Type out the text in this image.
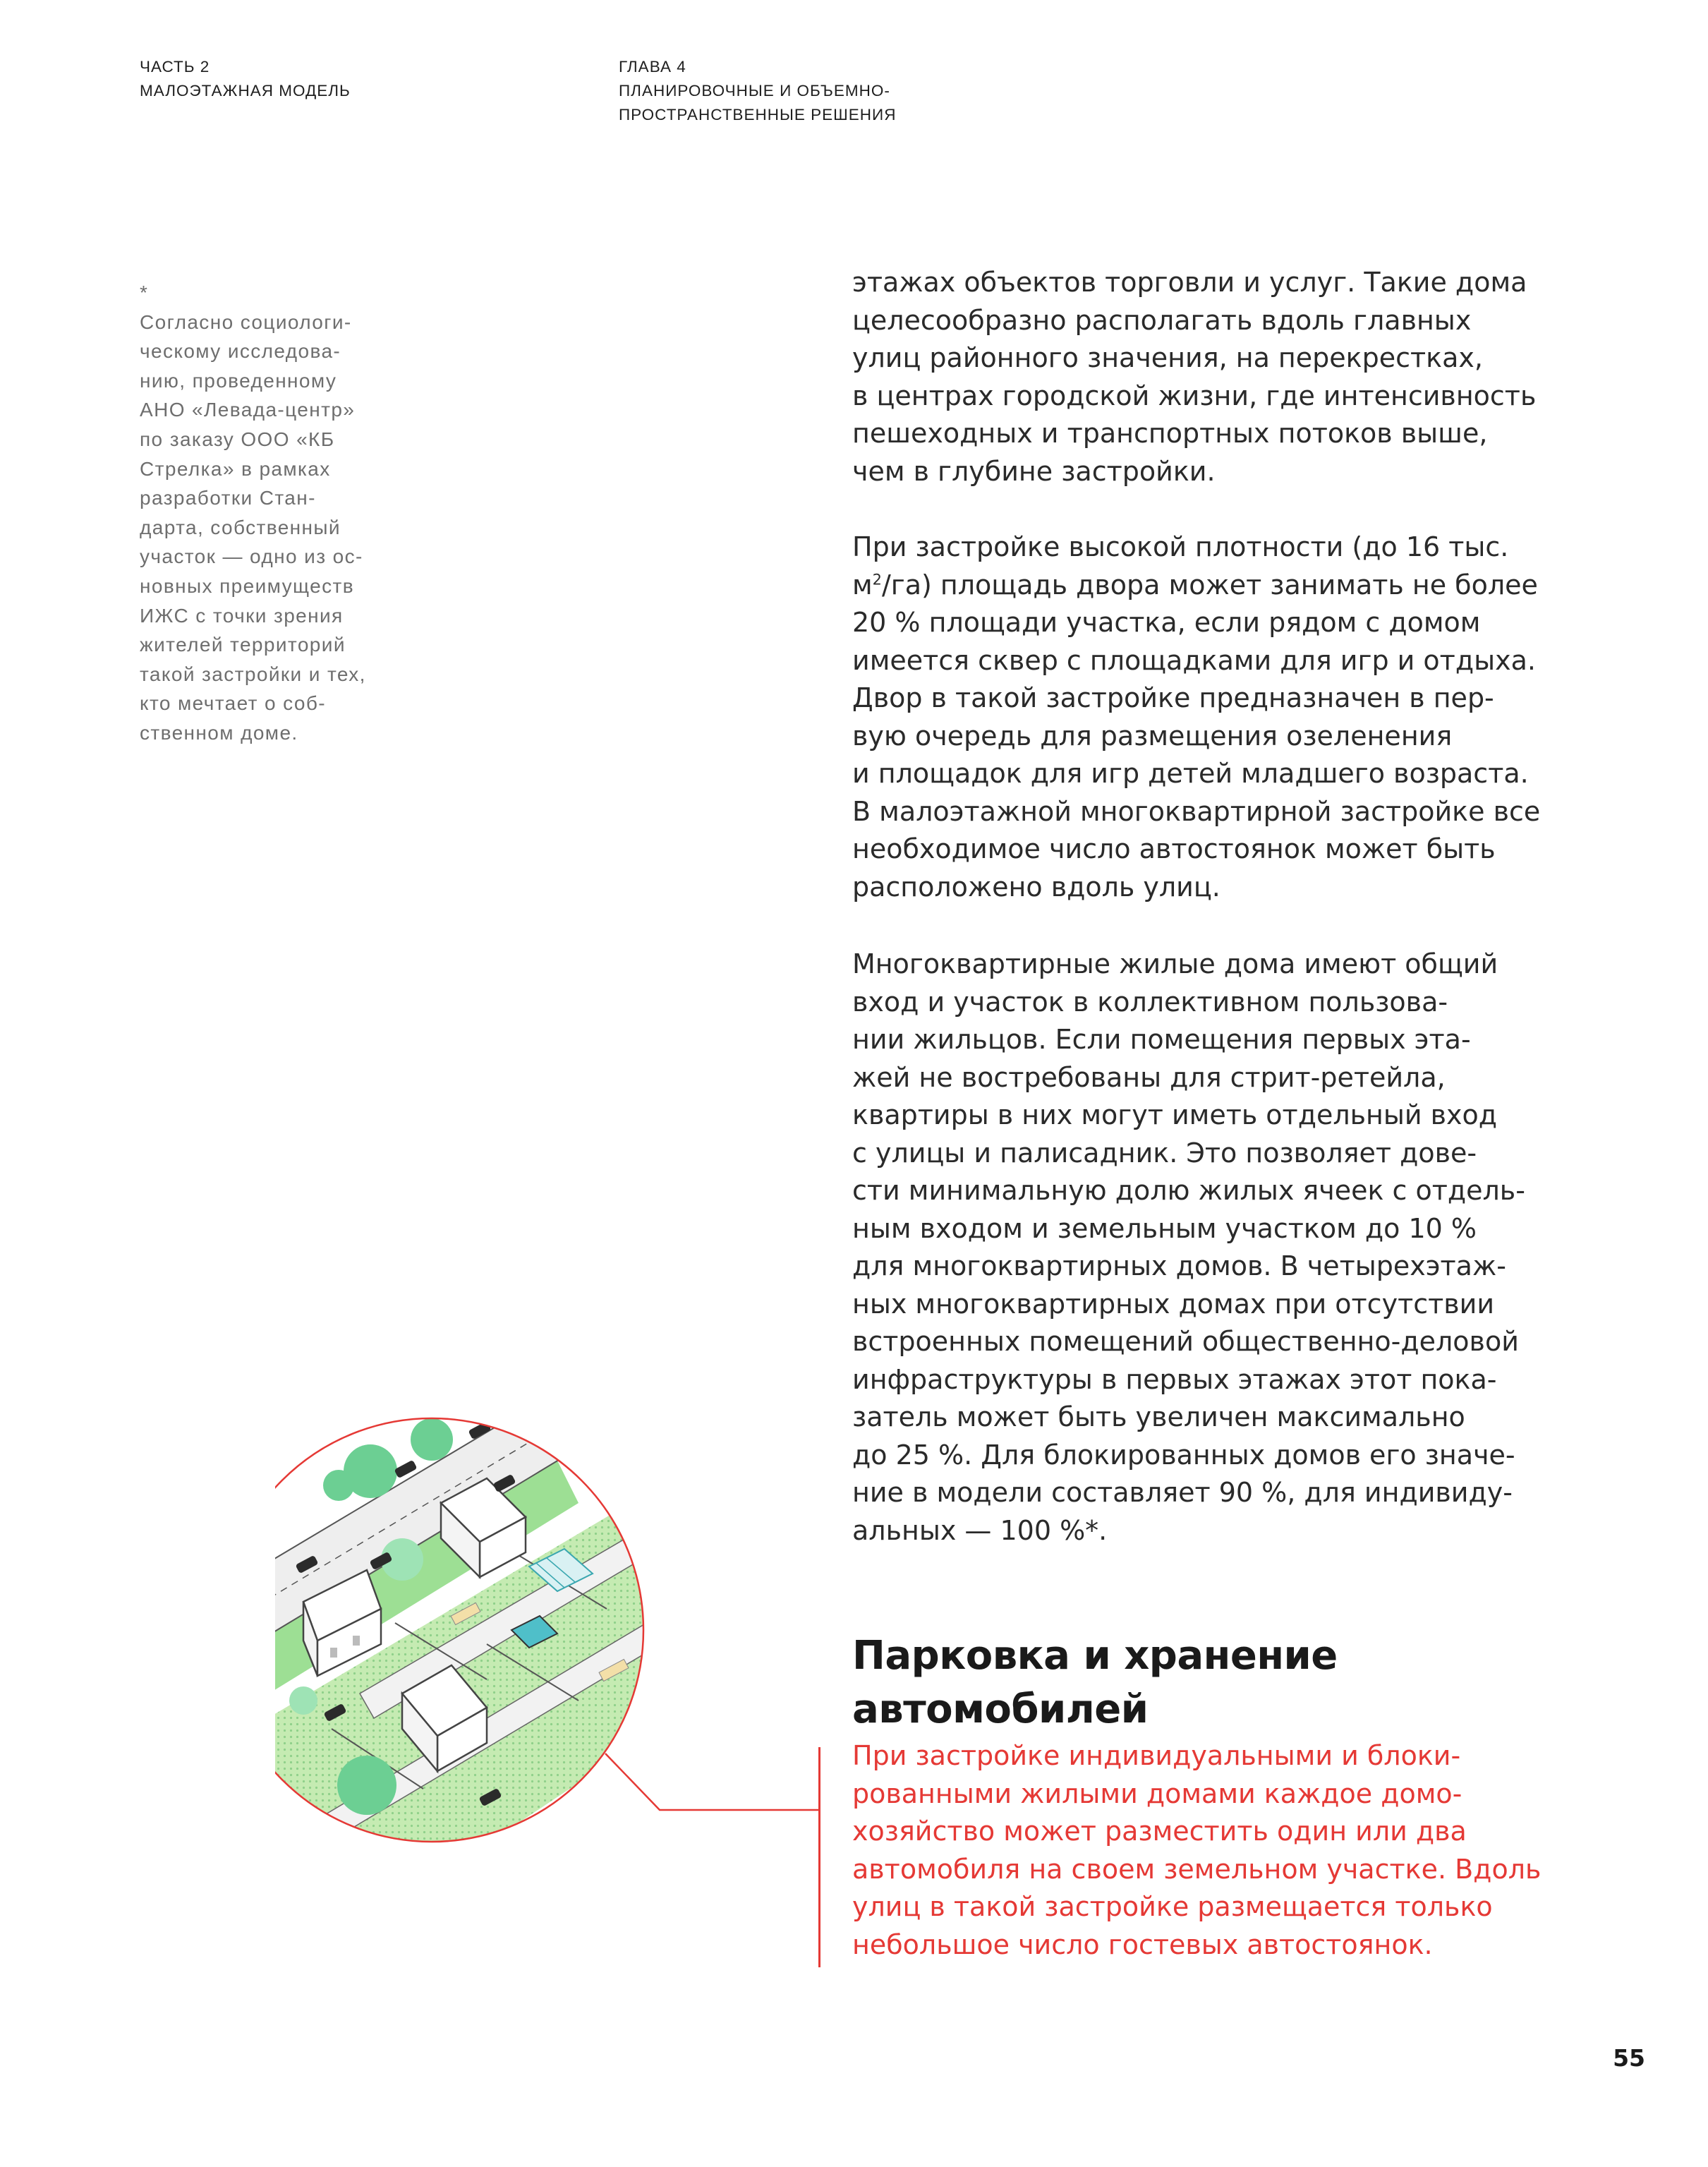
ЧАСТЬ 2
МАЛОЭТАЖНАЯ МОДЕЛЬ
ГЛАВА 4
ПЛАНИРОВОЧНЫЕ И ОБЪЕМНО-
ПРОСТРАНСТВЕННЫЕ РЕШЕНИЯ
*
Согласно социологи-
ческому исследова-
нию, проведенному
АНО «Левада-центр»
по заказу ООО «КБ
Стрелка» в рамках
разработки Стан-
дарта, собственный
участок — одно из ос-
новных преимуществ
ИЖС с точки зрения
жителей территорий
такой застройки и тех,
кто мечтает о соб-
ственном доме.
этажах объектов торговли и услуг. Такие дома
целесообразно располагать вдоль главных
улиц районного значения, на перекрестках,
в центрах городской жизни, где интенсивность
пешеходных и транспортных потоков выше,
чем в глубине застройки.
При застройке высокой плотности (до 16 тыс.
$м^2/га$) площадь двора может занимать не более
20 % площади участка, если рядом с домом
имеется сквер с площадками для игр и отдыха.
Двор в такой застройке предназначен в пер-
вую очередь для размещения озеленения
и площадок для игр детей младшего возраста.
В малоэтажной многоквартирной застройке все
необходимое число автостоянок может быть
расположено вдоль улиц.
Многоквартирные жилые дома имеют общий
вход и участок в коллективном пользова-
нии жильцов. Если помещения первых эта-
жей не востребованы для стрит-ретейла,
квартиры в них могут иметь отдельный вход
с улицы и палисадник. Это позволяет дове-
сти минимальную долю жилых ячеек с отдель-
ным входом и земельным участком до 10 %
для многоквартирных домов. В четырехэтаж-
ных многоквартирных домах при отсутствии
встроенных помещений общественно-деловой
инфраструктуры в первых этажах этот пока-
затель может быть увеличен максимально
до 25 %. Для блокированных домов его значе-
ние в модели составляет 90 %, для индивиду-
альных — 100 %*.
Парковка и хранение
автомобилей
При застройке индивидуальными и блоки-
рованными жилыми домами каждое домо-
хозяйство может разместить один или два
автомобиля на своем земельном участке. Вдоль
улиц в такой застройке размещается только
небольшое число гостевых автостоянок.
55
